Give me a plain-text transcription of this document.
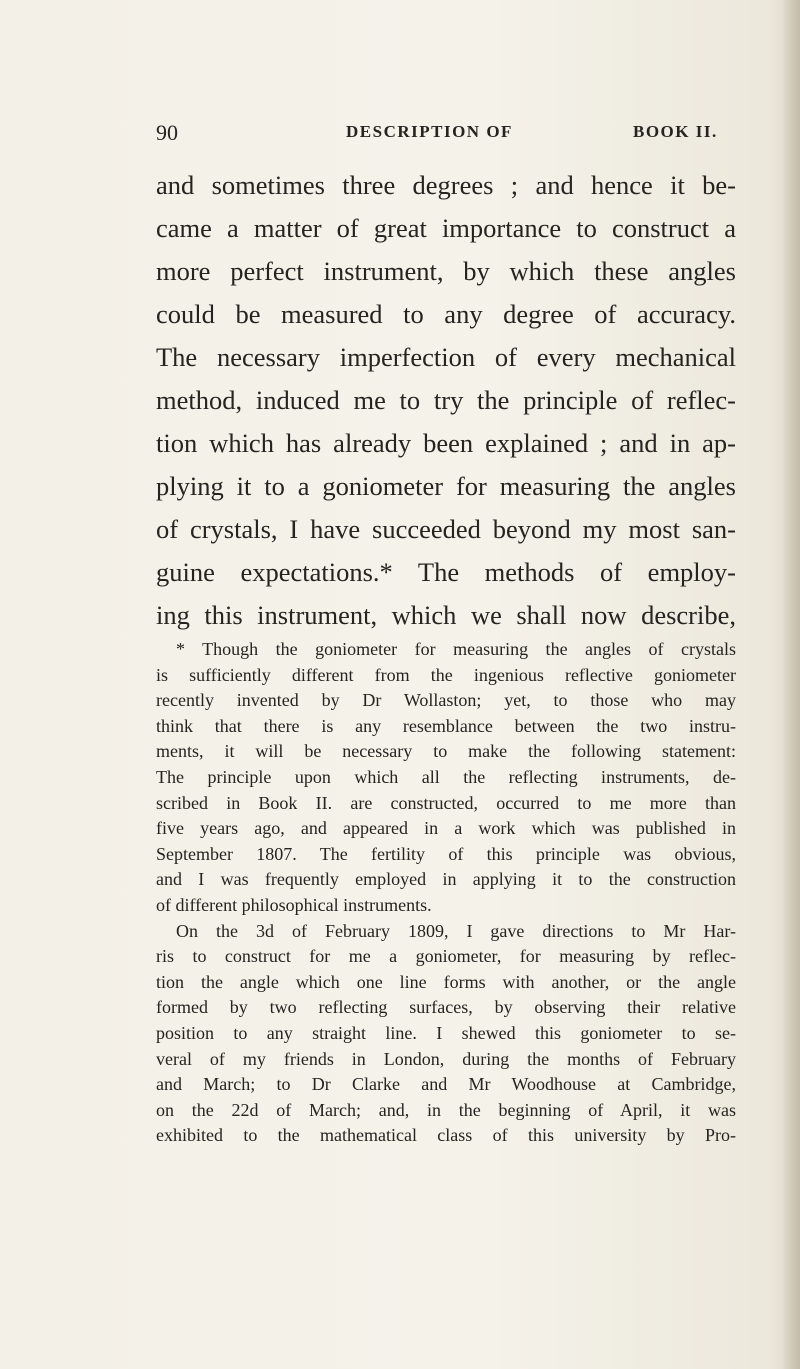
90	DESCRIPTION OF	BOOK II.
and sometimes three degrees ; and hence it be-
came a matter of great importance to construct a
more perfect instrument, by which these angles
could be measured to any degree of accuracy.
The necessary imperfection of every mechanical
method, induced me to try the principle of reflec-
tion which has already been explained ; and in ap-
plying it to a goniometer for measuring the angles
of crystals, I have succeeded beyond my most san-
guine expectations.* The methods of employ-
ing this instrument, which we shall now describe,
* Though the goniometer for measuring the angles of crystals
is sufficiently different from the ingenious reflective goniometer
recently invented by Dr Wollaston; yet, to those who may
think that there is any resemblance between the two instru-
ments, it will be necessary to make the following statement:
The principle upon which all the reflecting instruments, de-
scribed in Book II. are constructed, occurred to me more than
five years ago, and appeared in a work which was published in
September 1807. The fertility of this principle was obvious,
and I was frequently employed in applying it to the construction
of different philosophical instruments.
On the 3d of February 1809, I gave directions to Mr Har-
ris to construct for me a goniometer, for measuring by reflec-
tion the angle which one line forms with another, or the angle
formed by two reflecting surfaces, by observing their relative
position to any straight line. I shewed this goniometer to se-
veral of my friends in London, during the months of February
and March; to Dr Clarke and Mr Woodhouse at Cambridge,
on the 22d of March; and, in the beginning of April, it was
exhibited to the mathematical class of this university by Pro-
